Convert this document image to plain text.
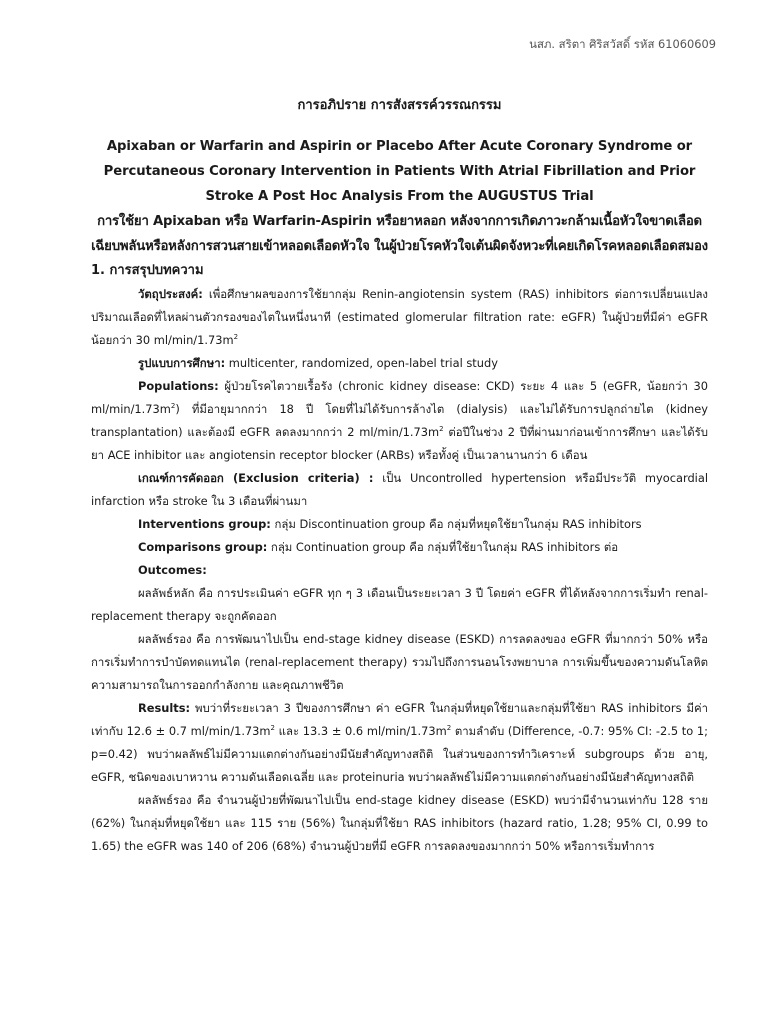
นสภ. สริตา ศิริสวัสดิ์ รหัส 61060609
การอภิปราย การสังสรรค์วรรณกรรม
Apixaban or Warfarin and Aspirin or Placebo After Acute Coronary Syndrome or Percutaneous Coronary Intervention in Patients With Atrial Fibrillation and Prior Stroke A Post Hoc Analysis From the AUGUSTUS Trial
การใช้ยา Apixaban หรือ Warfarin-Aspirin หรือยาหลอก หลังจากการเกิดภาวะกล้ามเนื้อหัวใจขาดเลือดเฉียบพลันหรือหลังการสวนสายเข้าหลอดเลือดหัวใจ ในผู้ป่วยโรคหัวใจเต้นผิดจังหวะที่เคยเกิดโรคหลอดเลือดสมอง
1. การสรุปบทความ

วัตถุประสงค์: เพื่อศึกษาผลของการใช้ยากลุ่ม Renin-angiotensin system (RAS) inhibitors ต่อการเปลี่ยนแปลงปริมาณเลือดที่ไหลผ่านตัวกรองของไตในหนึ่งนาที (estimated glomerular filtration rate: eGFR) ในผู้ป่วยที่มีค่า eGFR น้อยกว่า 30 $ml/\min/1.73m^2$

รูปแบบการศึกษา: multicenter, randomized, open-label trial study

Populations: ผู้ป่วยโรคไตวายเรื้อรัง (chronic kidney disease: CKD) ระยะ 4 และ 5 (eGFR, น้อยกว่า 30 $ml/\min/1.73m^2$) ที่มีอายุมากกว่า 18 ปี โดยที่ไม่ได้รับการล้างไต (dialysis) และไม่ได้รับการปลูกถ่ายไต (kidney transplantation) และต้องมี eGFR ลดลงมากกว่า 2 $ml/\min/1.73m^2$ ต่อปีในช่วง 2 ปีที่ผ่านมาก่อนเข้าการศึกษา และได้รับยา ACE inhibitor และ angiotensin receptor blocker (ARBs) หรือทั้งคู่ เป็นเวลานานกว่า 6 เดือน

เกณฑ์การคัดออก (Exclusion criteria) : เป็น Uncontrolled hypertension หรือมีประวัติ myocardial infarction หรือ stroke ใน 3 เดือนที่ผ่านมา

Interventions group: กลุ่ม Discontinuation group คือ กลุ่มที่หยุดใช้ยาในกลุ่ม RAS inhibitors

Comparisons group: กลุ่ม Continuation group คือ กลุ่มที่ใช้ยาในกลุ่ม RAS inhibitors ต่อ

Outcomes:

ผลลัพธ์หลัก คือ การประเมินค่า eGFR ทุก ๆ 3 เดือนเป็นระยะเวลา 3 ปี โดยค่า eGFR ที่ได้หลังจากการเริ่มทำ renal-replacement therapy จะถูกคัดออก

ผลลัพธ์รอง คือ การพัฒนาไปเป็น end-stage kidney disease (ESKD) การลดลงของ eGFR ที่มากกว่า 50% หรือการเริ่มทำการบำบัดทดแทนไต (renal-replacement therapy) รวมไปถึงการนอนโรงพยาบาล การเพิ่มขึ้นของความดันโลหิต ความสามารถในการออกกำลังกาย และคุณภาพชีวิต

Results: พบว่าที่ระยะเวลา 3 ปีของการศึกษา ค่า eGFR ในกลุ่มที่หยุดใช้ยาและกลุ่มที่ใช้ยา RAS inhibitors มีค่าเท่ากับ 12.6 ± 0.7 $ml/\min/1.73m^2$ และ 13.3 ± 0.6 $ml/\min/1.73m^2$ ตามลำดับ (Difference, -0.7: 95% CI: -2.5 to 1; p=0.42) พบว่าผลลัพธ์ไม่มีความแตกต่างกันอย่างมีนัยสำคัญทางสถิติ ในส่วนของการทำวิเคราะห์ subgroups ด้วย อายุ, eGFR, ชนิดของเบาหวาน ความดันเลือดเฉลี่ย และ proteinuria พบว่าผลลัพธ์ไม่มีความแตกต่างกันอย่างมีนัยสำคัญทางสถิติ

ผลลัพธ์รอง คือ จำนวนผู้ป่วยที่พัฒนาไปเป็น end-stage kidney disease (ESKD) พบว่ามีจำนวนเท่ากับ 128 ราย (62%) ในกลุ่มที่หยุดใช้ยา และ 115 ราย (56%) ในกลุ่มที่ใช้ยา RAS inhibitors (hazard ratio, 1.28; 95% CI, 0.99 to 1.65) the eGFR was 140 of 206 (68%) จำนวนผู้ป่วยที่มี eGFR การลดลงของมากกว่า 50% หรือการเริ่มทำการ
